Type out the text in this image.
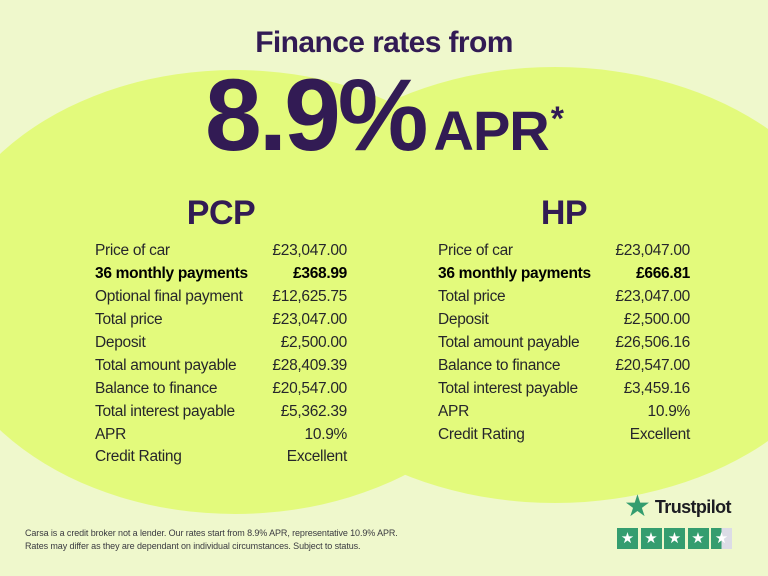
Finance rates from
8.9% APR*
PCP
Price of car	£23,047.00
36 monthly payments	£368.99
Optional final payment £12,625.75
Total price	£23,047.00
Deposit	£2,500.00
Total amount payable £28,409.39
Balance to finance	£20,547.00
Total interest payable	£5,362.39
APR	10.9%
Credit Rating	Excellent
HP
Price of car	£23,047.00
36 monthly payments	£666.81
Total price	£23,047.00
Deposit	£2,500.00
Total amount payable £26,506.16
Balance to finance	£20,547.00
Total interest payable	£3,459.16
APR	10.9%
Credit Rating	Excellent
Carsa is a credit broker not a lender. Our rates start from 8.9% APR, representative 10.9% APR.
Rates may differ as they are dependant on individual circumstances. Subject to status.
★ Trustpilot
★ ★ ★ ★ ★
